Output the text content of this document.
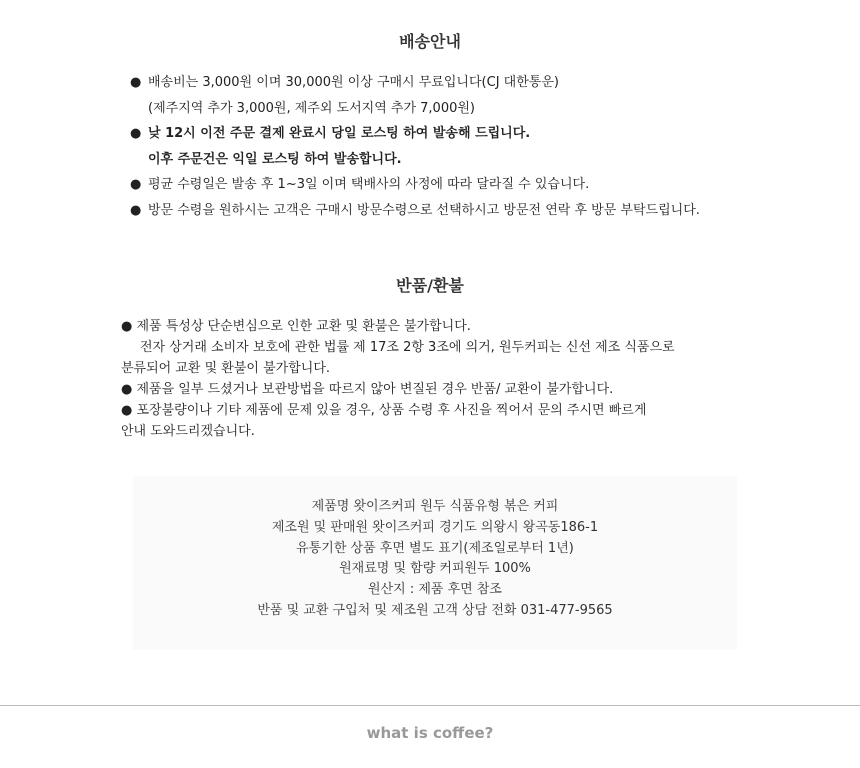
배송안내
● 배송비는 3,000원 이며 30,000원 이상 구매시 무료입니다(CJ 대한통운)
(제주지역 추가 3,000원, 제주외 도서지역 추가 7,000원)
● 낮 12시 이전 주문 결제 완료시 당일 로스팅 하여 발송해 드립니다.
이후 주문건은 익일 로스팅 하여 발송합니다.
● 평균 수령일은 발송 후 1~3일 이며 택배사의 사정에 따라 달라질 수 있습니다.
● 방문 수령을 원하시는 고객은 구매시 방문수령으로 선택하시고 방문전 연락 후 방문 부탁드립니다.
반품/환불
● 제품 특성상 단순변심으로 인한 교환 및 환불은 불가합니다.
전자 상거래 소비자 보호에 관한 법률 제 17조 2항 3조에 의거, 원두커피는 신선 제조 식품으로
분류되어 교환 및 환불이 불가합니다.
● 제품을 일부 드셨거나 보관방법을 따르지 않아 변질된 경우 반품/ 교환이 불가합니다.
● 포장불량이나 기타 제품에 문제 있을 경우, 상품 수령 후 사진을 찍어서 문의 주시면 빠르게
안내 도와드리겠습니다.
제품명 왓이즈커피 원두 식품유형 볶은 커피
제조원 및 판매원 왓이즈커피 경기도 의왕시 왕곡동186-1
유통기한 상품 후면 별도 표기(제조일로부터 1년)
원재료명 및 함량 커피원두 100%
원산지 : 제품 후면 참조
반품 및 교환 구입처 및 제조원 고객 상담 전화 031-477-9565
what is coffee?
